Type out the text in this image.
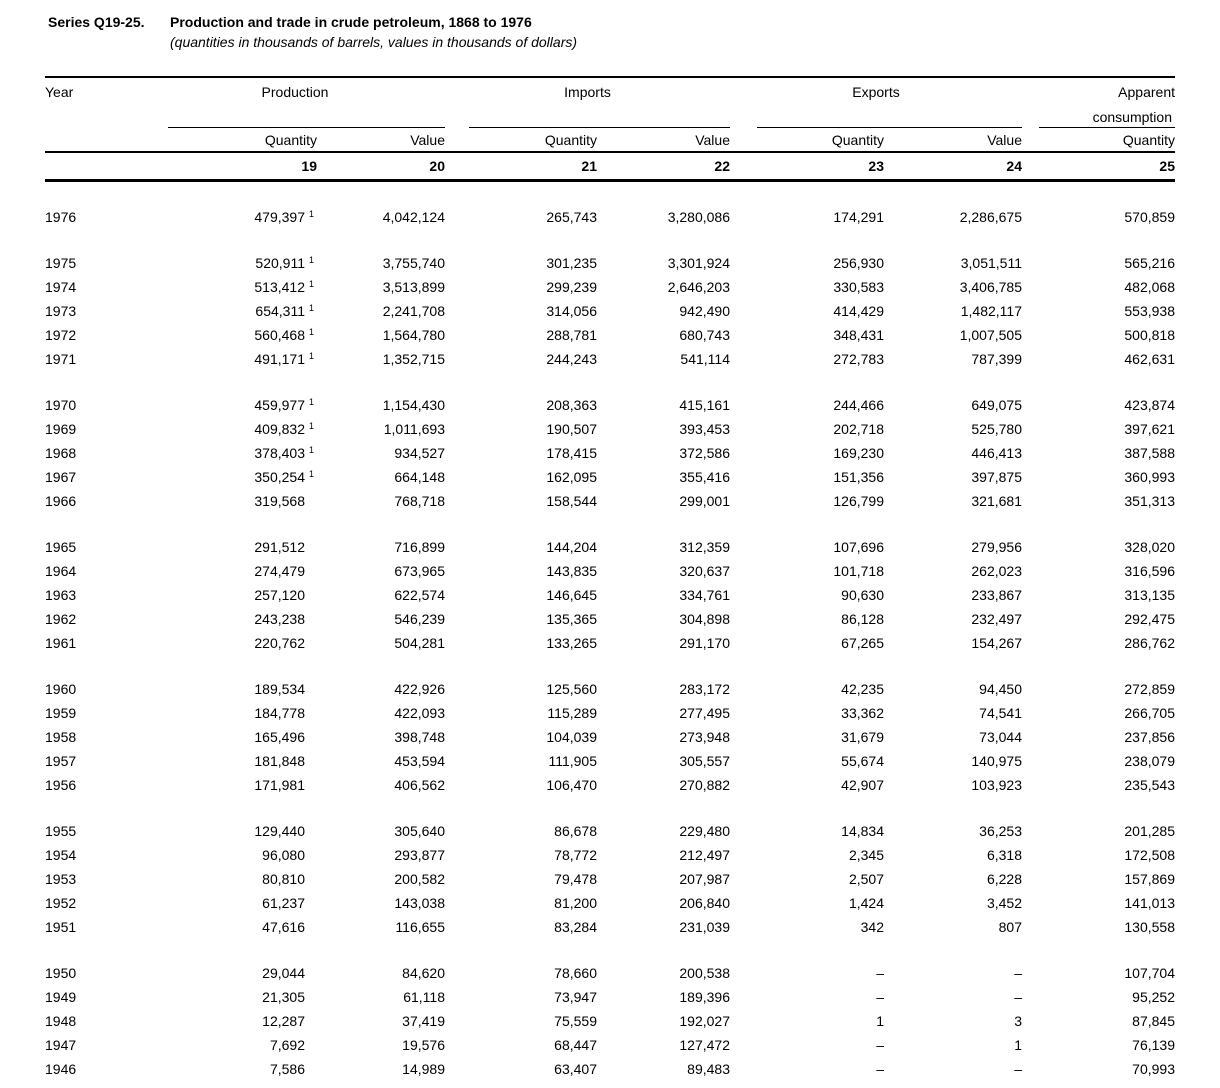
Series Q19-25. Production and trade in crude petroleum, 1868 to 1976
(quantities in thousands of barrels, values in thousands of dollars)
Year	Production		Imports		Exports		Apparent

							consumption

	Quantity	Value	Quantity	Value	Quantity	Value	Quantity
	19	20	21	22	23	24	25

1976	479,397 1	4,042,124	265,743	3,280,086	174,291	2,286,675	570,859

1975	520,911 1	3,755,740	301,235	3,301,924	256,930	3,051,511	565,216
1974	513,412 1	3,513,899	299,239	2,646,203	330,583	3,406,785	482,068
1973	654,311 1	2,241,708	314,056	942,490	414,429	1,482,117	553,938
1972	560,468 1	1,564,780	288,781	680,743	348,431	1,007,505	500,818
1971	491,171 1	1,352,715	244,243	541,114	272,783	787,399	462,631

1970	459,977 1	1,154,430	208,363	415,161	244,466	649,075	423,874
1969	409,832 1	1,011,693	190,507	393,453	202,718	525,780	397,621
1968	378,403 1	934,527	178,415	372,586	169,230	446,413	387,588
1967	350,254 1	664,148	162,095	355,416	151,356	397,875	360,993
1966	319,568	768,718	158,544	299,001	126,799	321,681	351,313

1965	291,512	716,899	144,204	312,359	107,696	279,956	328,020
1964	274,479	673,965	143,835	320,637	101,718	262,023	316,596
1963	257,120	622,574	146,645	334,761	90,630	233,867	313,135
1962	243,238	546,239	135,365	304,898	86,128	232,497	292,475
1961	220,762	504,281	133,265	291,170	67,265	154,267	286,762

1960	189,534	422,926	125,560	283,172	42,235	94,450	272,859
1959	184,778	422,093	115,289	277,495	33,362	74,541	266,705
1958	165,496	398,748	104,039	273,948	31,679	73,044	237,856
1957	181,848	453,594	111,905	305,557	55,674	140,975	238,079
1956	171,981	406,562	106,470	270,882	42,907	103,923	235,543

1955	129,440	305,640	86,678	229,480	14,834	36,253	201,285
1954	96,080	293,877	78,772	212,497	2,345	6,318	172,508
1953	80,810	200,582	79,478	207,987	2,507	6,228	157,869
1952	61,237	143,038	81,200	206,840	1,424	3,452	141,013
1951	47,616	116,655	83,284	231,039	342	807	130,558

1950	29,044	84,620	78,660	200,538	–	–	107,704
1949	21,305	61,118	73,947	189,396	–	–	95,252
1948	12,287	37,419	75,559	192,027	1	3	87,845
1947	7,692	19,576	68,447	127,472	–	1	76,139
1946	7,586	14,989	63,407	89,483	–	–	70,993
